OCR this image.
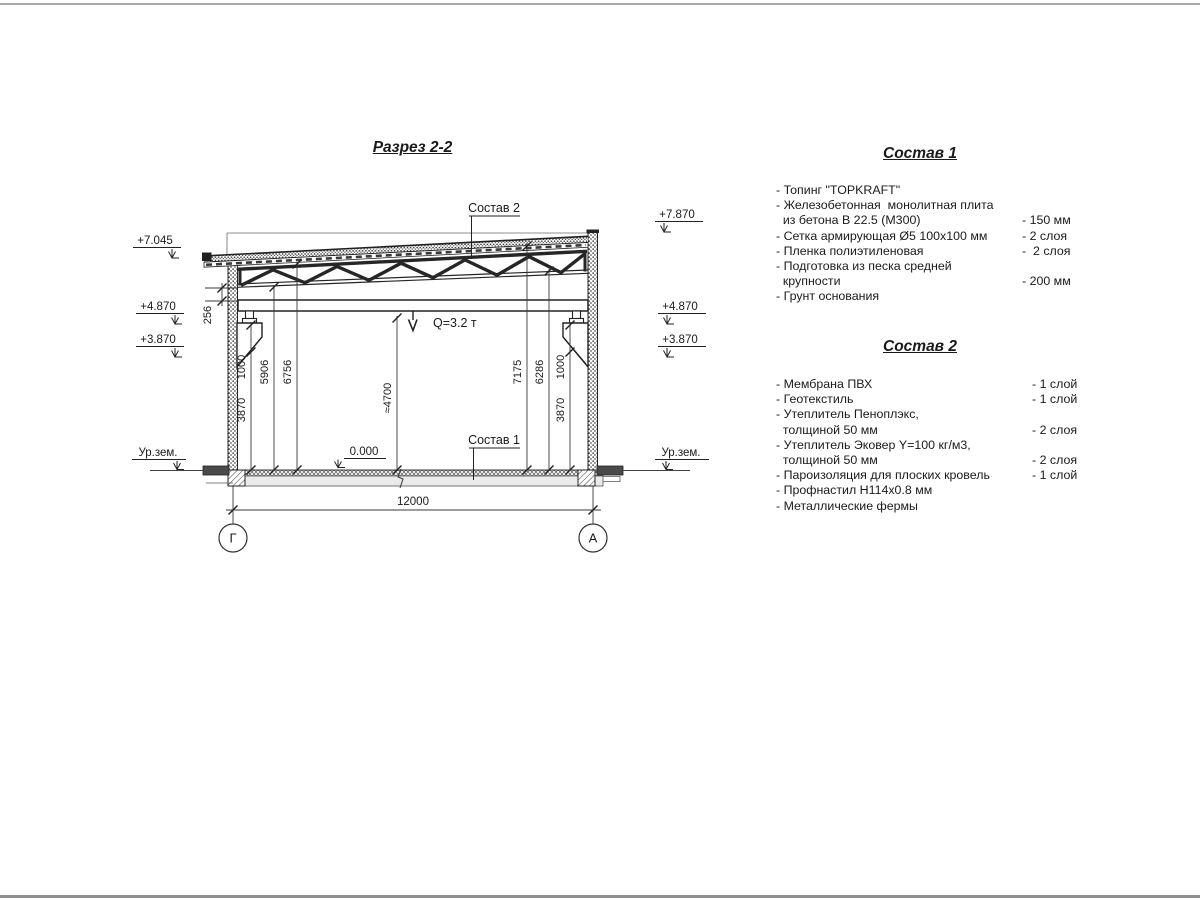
Разрез 2-2
Q=3.2 т
3870
1000 5906 6756
≈4700
7175 6286 1000
3870
256
+7.045
+4.870
+3.870
Ур.зем.
+7.870
+4.870
+3.870
Ур.зем.
0.000
Состав 2
Состав 1
12000
Г	А
Состав 1
- Топинг "TOPKRAFT"
- Железобетонная  монолитная плита
из бетона В 22.5 (М300)	- 150 мм
- Сетка армирующая Ø5 100х100 мм	- 2 слоя
- Пленка полиэтиленовая	-  2 слоя
- Подготовка из песка средней
крупности	- 200 мм
- Грунт основания
Состав 2
- Мембрана ПВХ	- 1 слой
- Геотекстиль	- 1 слой
- Утеплитель Пеноплэкс,
толщиной 50 мм	- 2 слоя
- Утеплитель Эковер Y=100 кг/м3,
толщиной 50 мм	- 2 слоя
- Пароизоляция для плоских кровель	- 1 слой
- Профнастил Н114x0.8 мм
- Металлические фермы
